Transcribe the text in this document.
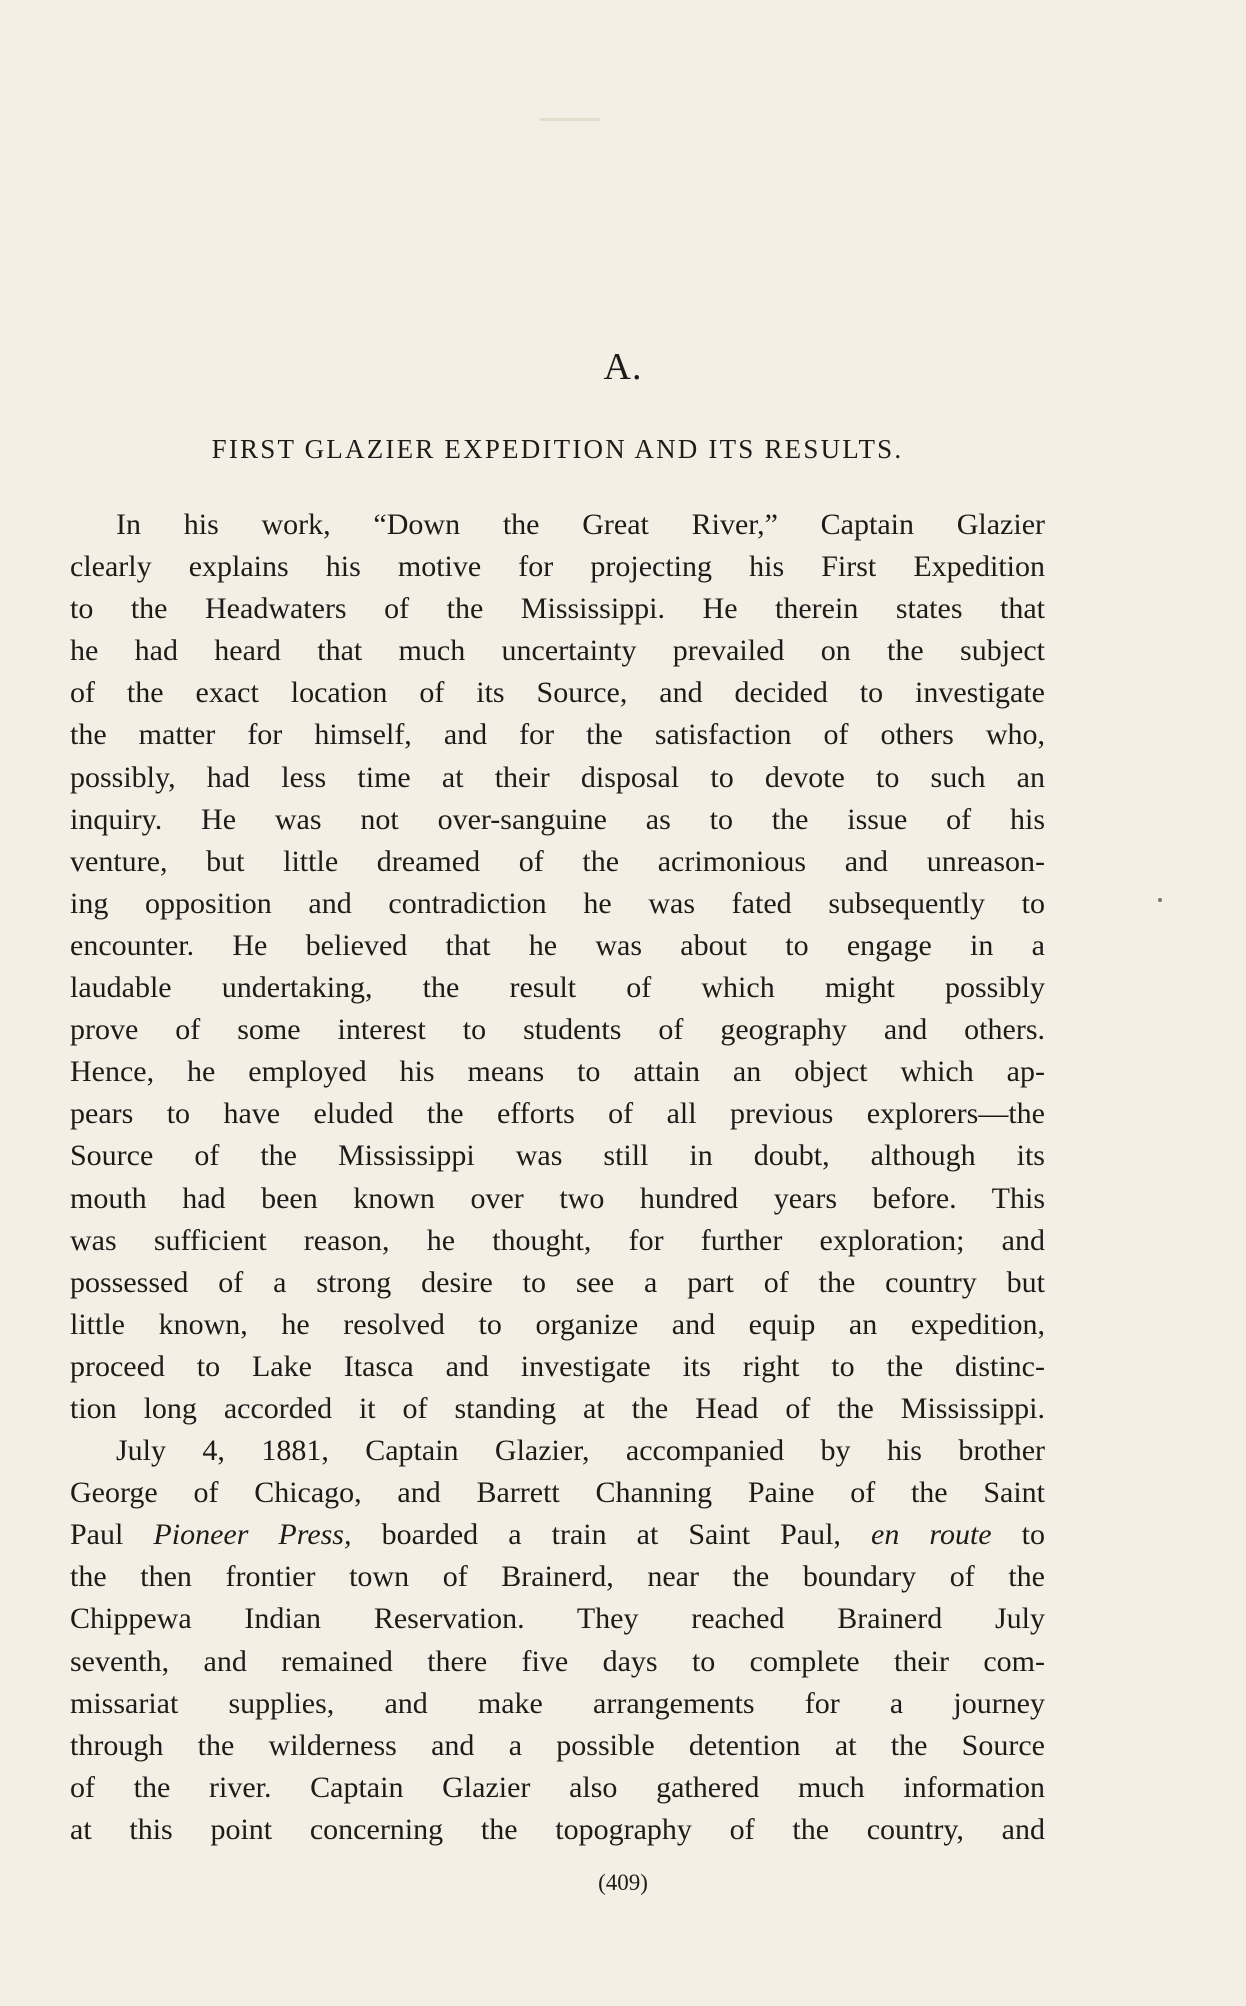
A.
FIRST GLAZIER EXPEDITION AND ITS RESULTS.
In his work, “Down the Great River,” Captain Glazier
clearly explains his motive for projecting his First Expedition
to the Headwaters of the Mississippi. He therein states that
he had heard that much uncertainty prevailed on the subject
of the exact location of its Source, and decided to investigate
the matter for himself, and for the satisfaction of others who,
possibly, had less time at their disposal to devote to such an
inquiry. He was not over-sanguine as to the issue of his
venture, but little dreamed of the acrimonious and unreason-
ing opposition and contradiction he was fated subsequently to
encounter. He believed that he was about to engage in a
laudable undertaking, the result of which might possibly
prove of some interest to students of geography and others.
Hence, he employed his means to attain an object which ap-
pears to have eluded the efforts of all previous explorers—the
Source of the Mississippi was still in doubt, although its
mouth had been known over two hundred years before. This
was sufficient reason, he thought, for further exploration; and
possessed of a strong desire to see a part of the country but
little known, he resolved to organize and equip an expedition,
proceed to Lake Itasca and investigate its right to the distinc-
tion long accorded it of standing at the Head of the Mississippi.
July 4, 1881, Captain Glazier, accompanied by his brother
George of Chicago, and Barrett Channing Paine of the Saint
Paul Pioneer Press, boarded a train at Saint Paul, en route to
the then frontier town of Brainerd, near the boundary of the
Chippewa Indian Reservation. They reached Brainerd July
seventh, and remained there five days to complete their com-
missariat supplies, and make arrangements for a journey
through the wilderness and a possible detention at the Source
of the river. Captain Glazier also gathered much information
at this point concerning the topography of the country, and
(409)
